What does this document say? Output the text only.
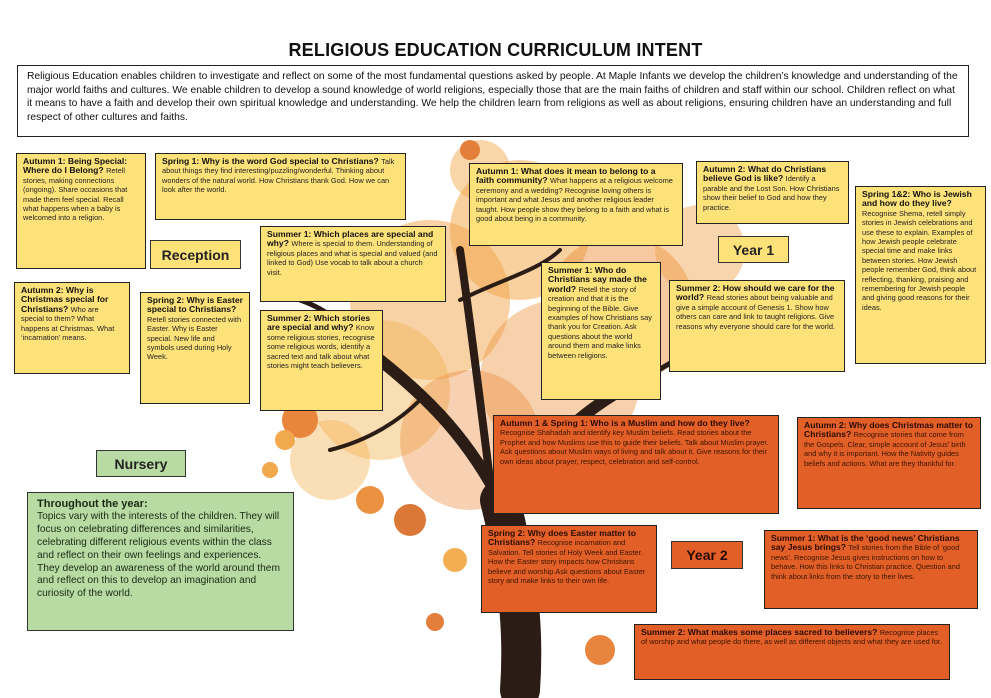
RELIGIOUS EDUCATION CURRICULUM INTENT
Religious Education enables children to investigate and reflect on some of the most fundamental questions asked by people. At Maple Infants we develop the children’s knowledge and understanding of the major world faiths and cultures. We enable children to develop a sound knowledge of world religions, especially those that are the main faiths of children and staff within our school. Children reflect on what it means to have a faith and develop their own spiritual knowledge and understanding. We help the children learn from religions as well as about religions, ensuring children have an understanding and full respect of other cultures and faiths.
Autumn 1: Being Special: Where do I Belong? Retell stories, making connections (ongoing). Share occasions that made them feel special. Recall what happens when a baby is welcomed into a religion.
Spring 1: Why is the word God special to Christians? Talk about things they find interesting/puzzling/wonderful. Thinking about wonders of the natural world. How Christians thank God. How we can look after the world.
Reception
Summer 1: Which places are special and why? Where is special to them. Understanding of religious places and what is special and valued (and linked to God) Use vocab to talk about a church visit.
Autumn 2: Why is Christmas special for Christians? Who are special to them? What happens at Christmas. What ‘incarnation’ means.
Spring 2: Why is Easter special to Christians? Retell stories connected with Easter. Why is Easter special. New life and symbols used during Holy Week.
Summer 2: Which stories are special and why? Know some religious stories, recognise some religious words, identify a sacred text and talk about what stories might teach believers.
Autumn 1: What does it mean to belong to a faith community? What happens at a religious welcome ceremony and a wedding? Recognise loving others is important and what Jesus and another religious leader taught. How people show they belong to a faith and what is good about being in a community.
Autumn 2: What do Christians believe God is like? Identify a parable and the Lost Son. How Christians show their belief to God and how they practice.
Year 1
Spring 1&2: Who is Jewish and how do they live? Recognise Shema, retell simply stories in Jewish celebrations and use these to explain. Examples of how Jewish people celebrate special time and make links between stories. How Jewish people remember God, think about reflecting, thanking, praising and remembering for Jewish people and giving good reasons for their ideas.
Summer 1: Who do Christians say made the world? Retell the story of creation and that it is the beginning of the Bible. Give examples of how Christians say thank you for Creation. Ask questions about the world around them and make links between religions.
Summer 2: How should we care for the world? Read stories about being valuable and give a simple account of Genesis 1. Show how others can care and link to taught religions. Give reasons why everyone should care for the world.
Nursery
Throughout the year:
Topics vary with the interests of the children. They will focus on celebrating differences and similarities, celebrating different religious events within the class and reflect on their own feelings and experiences. They develop an awareness of the world around them and reflect on this to develop an imagination and curiosity of the world.
Autumn 1 & Spring 1: Who is a Muslim and how do they live? Recognise Shahadah and identify key Muslim beliefs. Read stories about the Prophet and how Muslims use this to guide their beliefs. Talk about Muslim prayer. Ask questions about Muslim ways of living and talk about it. Give reasons for their own ideas about prayer, respect, celebration and self-control.
Autumn 2: Why does Christmas matter to Christians? Recognise stories that come from the Gospels. Clear, simple account of Jesus’ birth and why it is important. How the Nativity guides beliefs and actions. What are they thankful for.
Spring 2: Why does Easter matter to Christians? Recognise incarnation and Salvation. Tell stories of Holy Week and Easter. How the Easter story impacts how Christians believe and worship.Ask questions about Easter story and make links to their own life.
Year 2
Summer 1: What is the ‘good news’ Christians say Jesus brings? Tell stories from the Bible of ‘good news’. Recognise Jesus gives instructions on how to behave. How this links to Christian practice. Question and think about links from the story to their lives.
Summer 2: What makes some places sacred to believers? Recognise places of worship and what people do there, as well as different objects and what they are used for.
